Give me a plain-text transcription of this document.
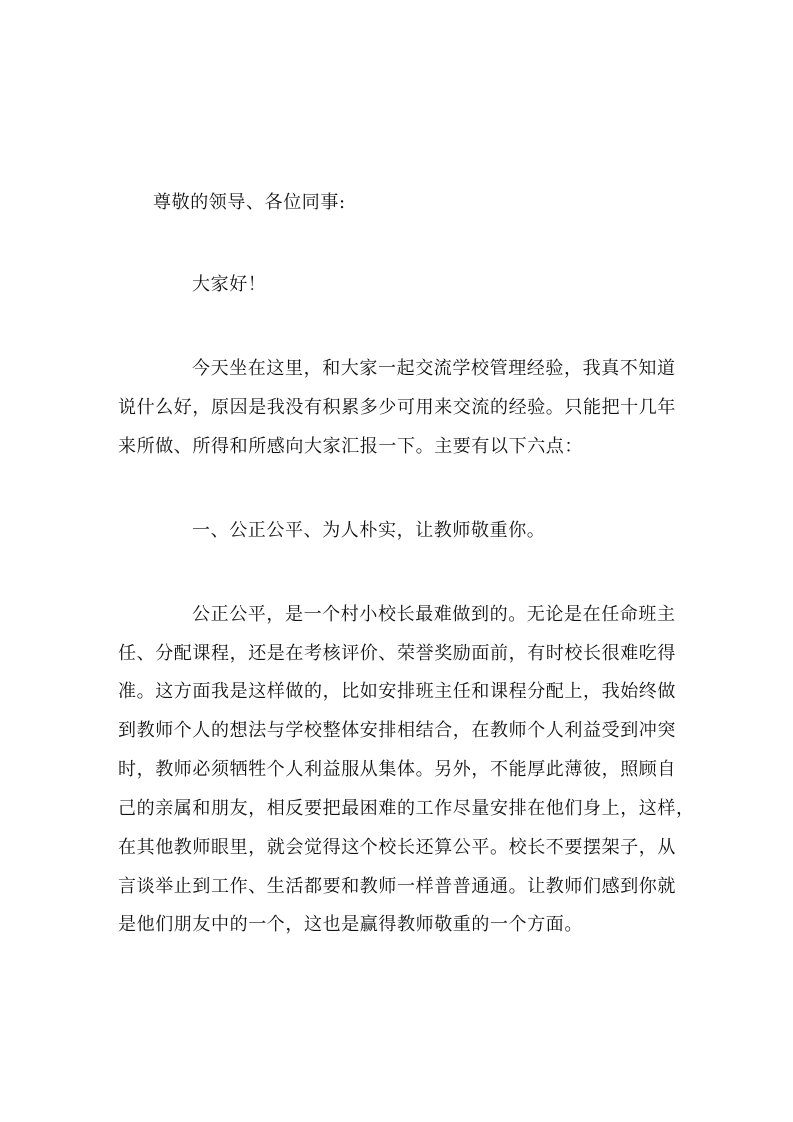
尊敬的领导、各位同事:
大家好！
今天坐在这里，和大家一起交流学校管理经验，我真不知道
说什么好，原因是我没有积累多少可用来交流的经验。只能把十几年
来所做、所得和所感向大家汇报一下。主要有以下六点：
一、公正公平、为人朴实，让教师敬重你。
公正公平，是一个村小校长最难做到的。无论是在任命班主
任、分配课程，还是在考核评价、荣誉奖励面前，有时校长很难吃得
准。这方面我是这样做的，比如安排班主任和课程分配上，我始终做
到教师个人的想法与学校整体安排相结合，在教师个人利益受到冲突
时，教师必须牺牲个人利益服从集体。另外，不能厚此薄彼，照顾自
己的亲属和朋友，相反要把最困难的工作尽量安排在他们身上，这样，
在其他教师眼里，就会觉得这个校长还算公平。校长不要摆架子，从
言谈举止到工作、生活都要和教师一样普普通通。让教师们感到你就
是他们朋友中的一个，这也是赢得教师敬重的一个方面。
